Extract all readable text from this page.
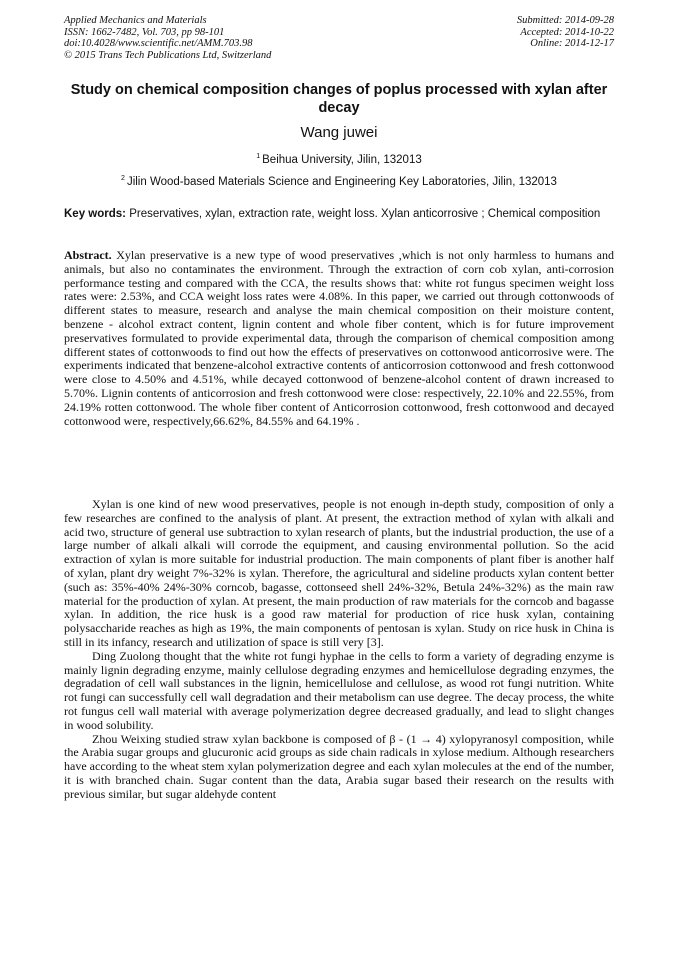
Applied Mechanics and Materials
ISSN: 1662-7482, Vol. 703, pp 98-101
doi:10.4028/www.scientific.net/AMM.703.98
© 2015 Trans Tech Publications Ltd, Switzerland
Submitted: 2014-09-28
Accepted: 2014-10-22
Online: 2014-12-17
Study on chemical composition changes of poplus processed with xylan after decay
Wang juwei
$^1$ Beihua University, Jilin, 132013
$^2$ Jilin Wood-based Materials Science and Engineering Key Laboratories, Jilin, 132013
Key words: Preservatives, xylan, extraction rate, weight loss. Xylan anticorrosive ; Chemical composition
Abstract. Xylan preservative is a new type of wood preservatives ,which is not only harmless to humans and animals, but also no contaminates the environment. Through the extraction of corn cob xylan, anti-corrosion performance testing and compared with the CCA, the results shows that: white rot fungus specimen weight loss rates were: 2.53%, and CCA weight loss rates were 4.08%. In this paper, we carried out through cottonwoods of different states to measure, research and analyse the main chemical composition on their moisture content, benzene - alcohol extract content, lignin content and whole fiber content, which is for future improvement preservatives formulated to provide experimental data, through the comparison of chemical composition among different states of cottonwoods to find out how the effects of preservatives on cottonwood anticorrosive were. The experiments indicated that benzene-alcohol extractive contents of anticorrosion cottonwood and fresh cottonwood were close to 4.50% and 4.51%, while decayed cottonwood of benzene-alcohol content of drawn increased to 5.70%. Lignin contents of anticorrosion and fresh cottonwood were close: respectively, 22.10% and 22.55%, from 24.19% rotten cottonwood. The whole fiber content of Anticorrosion cottonwood, fresh cottonwood and decayed cottonwood were, respectively,66.62%, 84.55% and 64.19% .

Xylan is one kind of new wood preservatives, people is not enough in-depth study, composition of only a few researches are confined to the analysis of plant. At present, the extraction method of xylan with alkali and acid two, structure of general use subtraction to xylan research of plants, but the industrial production, the use of a large number of alkali alkali will corrode the equipment, and causing environmental pollution. So the acid extraction of xylan is more suitable for industrial production. The main components of plant fiber is another half of xylan, plant dry weight 7%-32% is xylan. Therefore, the agricultural and sideline products xylan content better (such as: 35%-40% 24%-30% corncob, bagasse, cottonseed shell 24%-32%, Betula 24%-32%) as the main raw material for the production of xylan. At present, the main production of raw materials for the corncob and bagasse xylan. In addition, the rice husk is a good raw material for production of rice husk xylan, containing polysaccharide reaches as high as 19%, the main components of pentosan is xylan. Study on rice husk in China is still in its infancy, research and utilization of space is still very [3].

Ding Zuolong thought that the white rot fungi hyphae in the cells to form a variety of degrading enzyme is mainly lignin degrading enzyme, mainly cellulose degrading enzymes and hemicellulose degrading enzymes, the degradation of cell wall substances in the lignin, hemicellulose and cellulose, as wood rot fungi nutrition. White rot fungi can successfully cell wall degradation and their metabolism can use degree. The decay process, the white rot fungus cell wall material with average polymerization degree decreased gradually, and lead to slight changes in wood solubility.

Zhou Weixing studied straw xylan backbone is composed of β - (1 → 4) xylopyranosyl composition, while the Arabia sugar groups and glucuronic acid groups as side chain radicals in xylose medium. Although researchers have according to the wheat stem xylan polymerization degree and each xylan molecules at the end of the number, it is with branched chain. Sugar content than the data, Arabia sugar based their research on the results with previous similar, but sugar aldehyde content
